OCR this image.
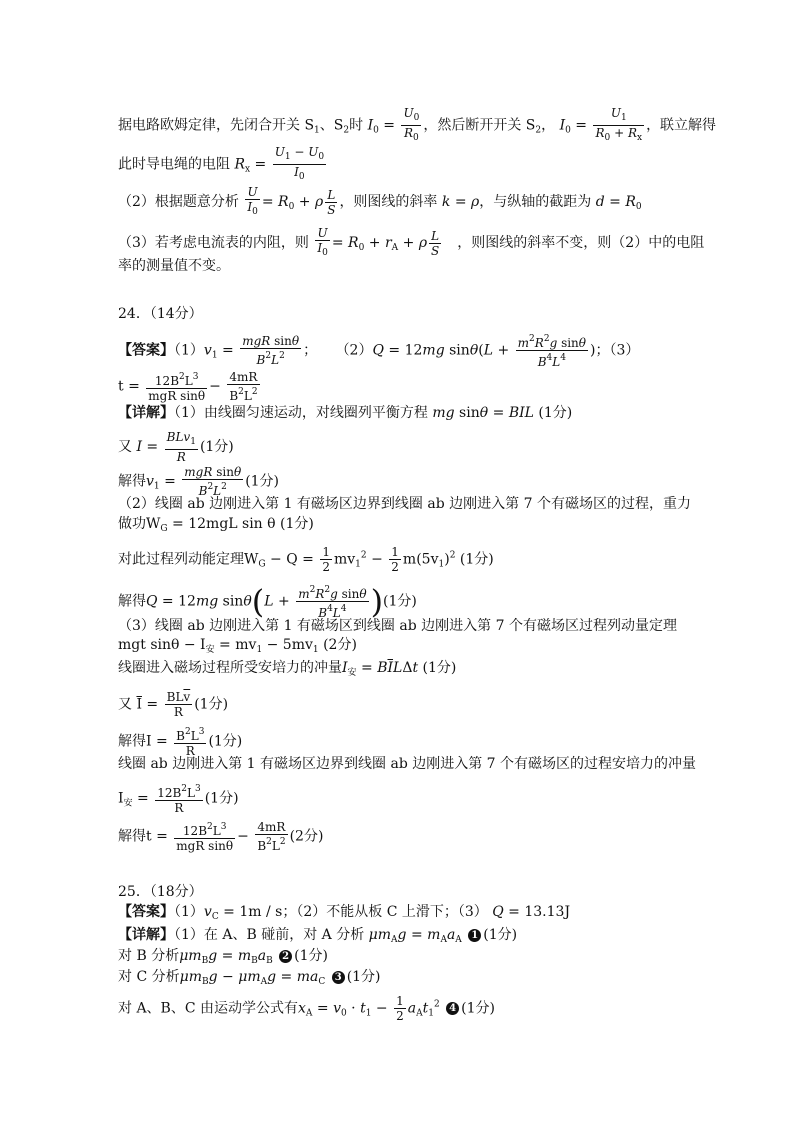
据电路欧姆定律，先闭合开关 $S_1$、$S_2$时 $I_0 = \frac{U_0}{R_0}$ ，然后断开开关 $S_2$， $I_0 = \frac{U_1}{R_0 + R_x}$ ，联立解得
此时导电绳的电阻 $R_x = \frac{U_1 - U_0}{I_0}$
（2）根据题意分析 $\frac{U}{I_0} = R_0 + \rho \frac{L}{S}$ ，则图线的斜率 k = ρ，与纵轴的截距为 $d = R_0$
（3）若考虑电流表的内阻，则 $\frac{U}{I_0} = R_0 + r_A + \rho \frac{L}{S}$ ，则图线的斜率不变，则（2）中的电阻
率的测量值不变。
24．（14分）
【答案】$(1)v_1$ =
mgR sinθ
$B^2L^2$	； （2）Q = 12mg $\sin\theta(L + \frac{m^2R^2g \sin\theta}{B^4L^4}$ )；（3）
$t = 12B^2L^3$
mgR sinθ
− $\frac{4mR}{B^2L^2}$
【详解】（1）由线圈匀速运动，对线圈列平衡方程 mg sinθ = BIL (1分)
又 I =
BLv$_1$
R
(1分)
解得$v_1$ =
mgR sinθ
$B^2L^2$	(1分)
（2）线圈 ab 边刚进入第 1 有磁场区边界到线圈 ab 边刚进入第 7 个有磁场区的过程，重力
做功$W_G = 12mgL$ sin θ (1分)
对此过程列动能定理$W_G - Q = \frac{1}{2} mv_1^2 - \frac{1}{2} m(5v_1)^2$ (1分)
解得Q = 12mg $\sin\theta(L + \frac{m^2R^2g \sin\theta}{B^4L^4} )(1$分)
（3）线圈 ab 边刚进入第 1 有磁场区到线圈 ab 边刚进入第 7 个有磁场区过程列动量定理
mgt $\sin\theta - I_安 = mv_1 - 5mv_1$ (2分)
线圈进入磁场过程所受安培力的冲量$I_安 = B\overline{I}L\Delta t$ (1分)
又 $\overline{I} = BL\overline{v}$
R (1分)
解得$I = \frac{B^2L^3}{R} (1$分)
线圈 ab 边刚进入第 1 有磁场区边界到线圈 ab 边刚进入第 7 个有磁场区的过程安培力的冲量
$I_安 = \frac{12B^2L^3}{R} (1$分)
解得$t = 12B^2L^3$
mgR sinθ
− $\frac{4mR}{B^2L^2} (2$分)
25．（18分）
【答案】$(1)v_C = 1m / s$；（2）不能从板 C 上滑下；（3） Q = 13.13J
【详解】（1）在 A、B 碰前，对 A 分析 $\mu m_Ag = m_Aa_A$ 1 (1分)
对 B 分析$\mu m_Bg = m_Ba_B$ 2 (1分)
对 C 分析$\mu m_Bg - \mu m_Ag = ma_C$ 3 (1分)
对 A、B、C 由运动学公式有$x_A = v_0 \cdot t_1 - \frac{1}{2} a_At_1^2$ 4 (1分)
